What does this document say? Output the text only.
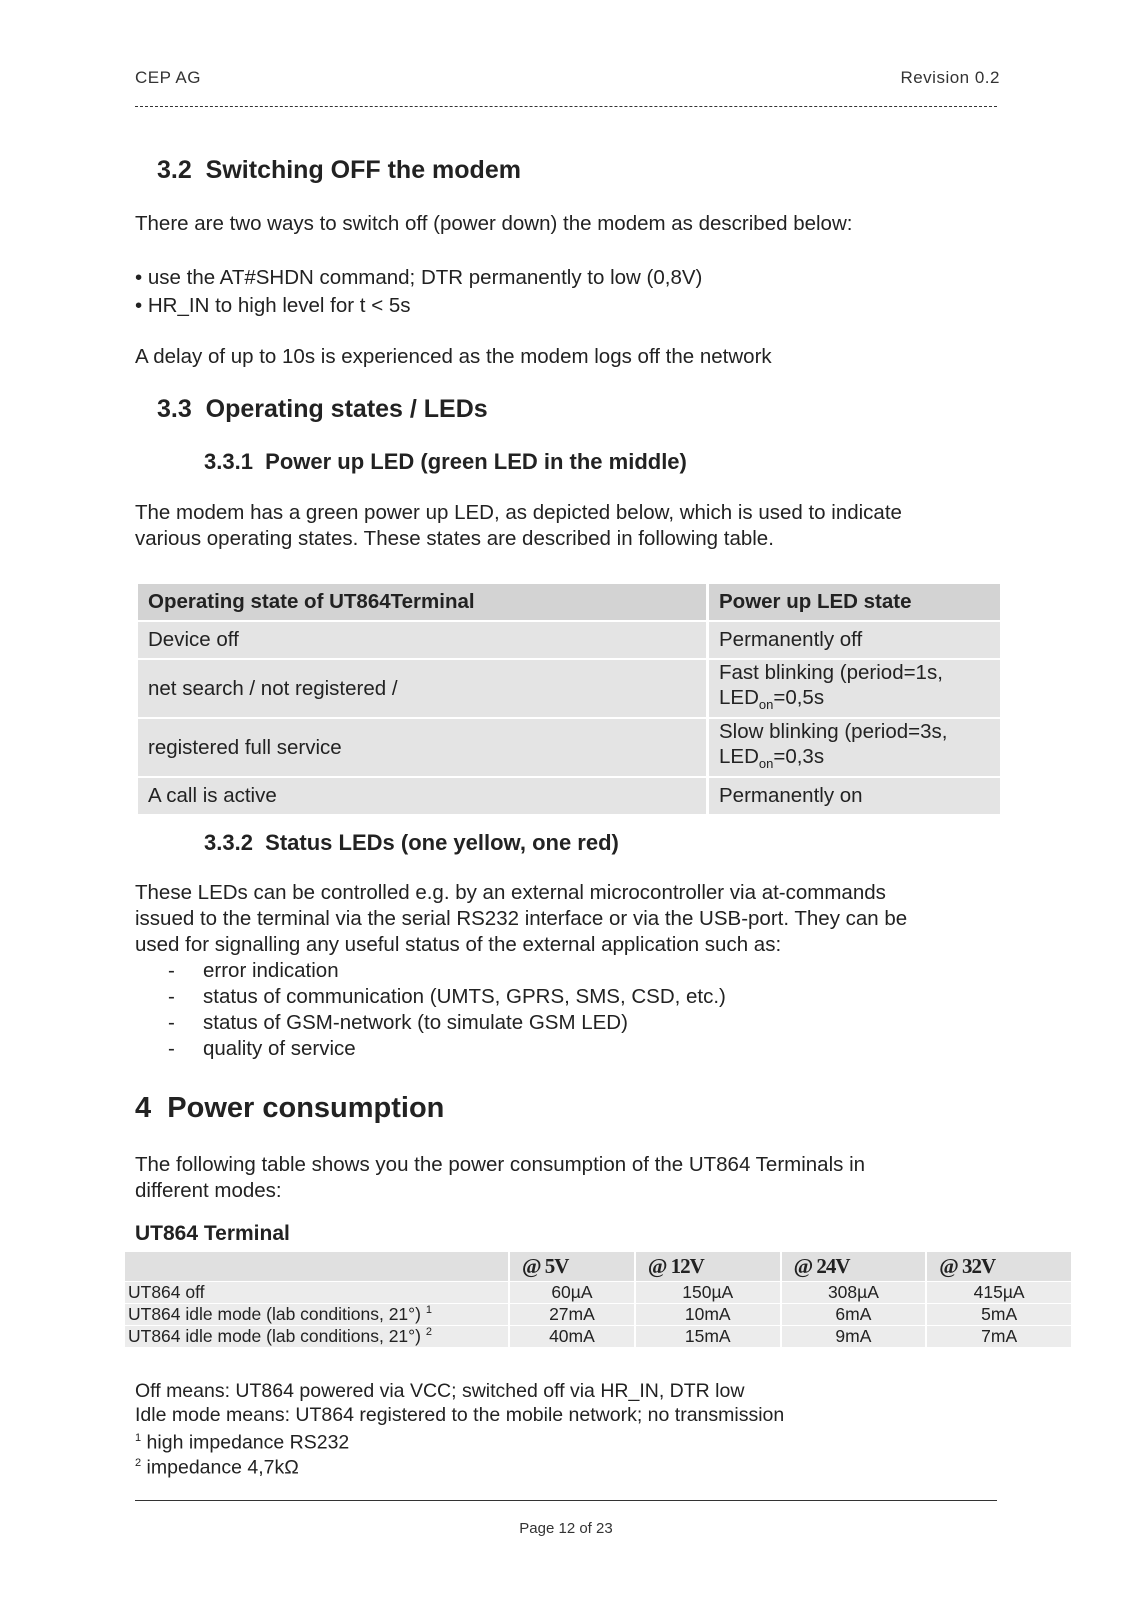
CEP AG	Revision 0.2
3.2 Switching OFF the modem
There are two ways to switch off (power down) the modem as described below:
• use the AT#SHDN command; DTR permanently to low (0,8V)
• HR_IN to high level for t < 5s
A delay of up to 10s is experienced as the modem logs off the network
3.3 Operating states / LEDs
3.3.1 Power up LED (green LED in the middle)
The modem has a green power up LED, as depicted below, which is used to indicate
various operating states. These states are described in following table.
Operating state of UT864Terminal	Power up LED state
Device off	Permanently off
net search / not registered /	Fast blinking (period=1s,
$LED_{on}=0,5s$
registered full service	Slow blinking (period=3s,
$LED_{on}=0,3s$
A call is active	Permanently on
3.3.2 Status LEDs (one yellow, one red)
These LEDs can be controlled e.g. by an external microcontroller via at-commands
issued to the terminal via the serial RS232 interface or via the USB-port. They can be
used for signalling any useful status of the external application such as:
- error indication
- status of communication (UMTS, GPRS, SMS, CSD, etc.)
- status of GSM-network (to simulate GSM LED)
- quality of service
4 Power consumption
The following table shows you the power consumption of the UT864 Terminals in
different modes:
UT864 Terminal
	@ 5V	@ 12V	@ 24V	@ 32V
UT864 off	60µA	150µA	308µA	415µA
UT864 idle mode (lab conditions, 21°) $^1$	27mA	10mA	6mA	5mA
UT864 idle mode (lab conditions, 21°) $^2$	40mA	15mA	9mA	7mA
Off means: UT864 powered via VCC; switched off via HR_IN, DTR low
Idle mode means: UT864 registered to the mobile network; no transmission
$^1$ high impedance RS232
$^2$ impedance 4,7kΩ
Page 12 of 23
